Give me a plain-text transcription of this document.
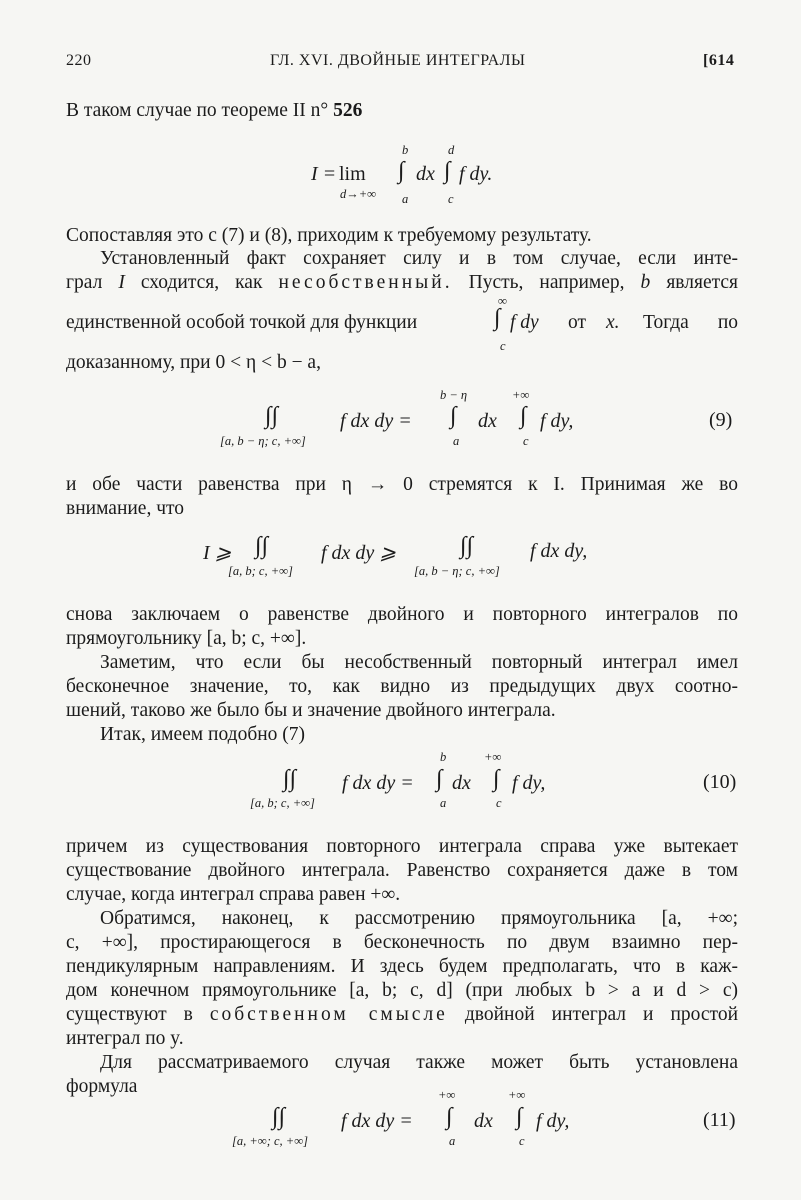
220	ГЛ. XVI. ДВОЙНЫЕ ИНТЕГРАЛЫ	[614
В таком случае по теореме II n° 526
I = lim
d→+∞
b
∫
a
dx
d
∫
c
f dy.
Сопоставляя это с (7) и (8), приходим к требуемому результату.
Установленный факт сохраняет силу и в том случае, если инте-
грал I сходится, как несобственный. Пусть, например, b является
единственной особой точкой для функции
∞
∫
c
f dy от x. Тогда по
доказанному, при 0 < η < b − a,
∫∫
[a, b − η; c, +∞]
f dx dy =
b − η
∫
a
dx
+∞
∫
c
f dy,	(9)
и обе части равенства при η → 0 стремятся к I. Принимая же во
внимание, что
I ⩾ ∫∫
[a, b; c, +∞]
f dx dy ⩾	∫∫
[a, b − η; c, +∞]
f dx dy,
снова заключаем о равенстве двойного и повторного интегралов по
прямоугольнику [a, b; c, +∞].
Заметим, что если бы несобственный повторный интеграл имел
бесконечное значение, то, как видно из предыдущих двух соотно-
шений, таково же было бы и значение двойного интеграла.
Итак, имеем подобно (7)
∫∫
[a, b; c, +∞]
f dx dy =
b
∫
a
dx
+∞
∫
c
f dy,	(10)
причем из существования повторного интеграла справа уже вытекает
существование двойного интеграла. Равенство сохраняется даже в том
случае, когда интеграл справа равен +∞.
Обратимся, наконец, к рассмотрению прямоугольника [a, +∞;
c, +∞], простирающегося в бесконечность по двум взаимно пер-
пендикулярным направлениям. И здесь будем предполагать, что в каж-
дом конечном прямоугольнике [a, b; c, d] (при любых b > a и d > c)
существуют в собственном смысле двойной интеграл и простой
интеграл по y.
Для рассматриваемого случая также может быть установлена
формула
∫∫
[a, +∞; c, +∞]
f dx dy =
+∞
∫
a
dx
+∞
∫
c
f dy,	(11)
